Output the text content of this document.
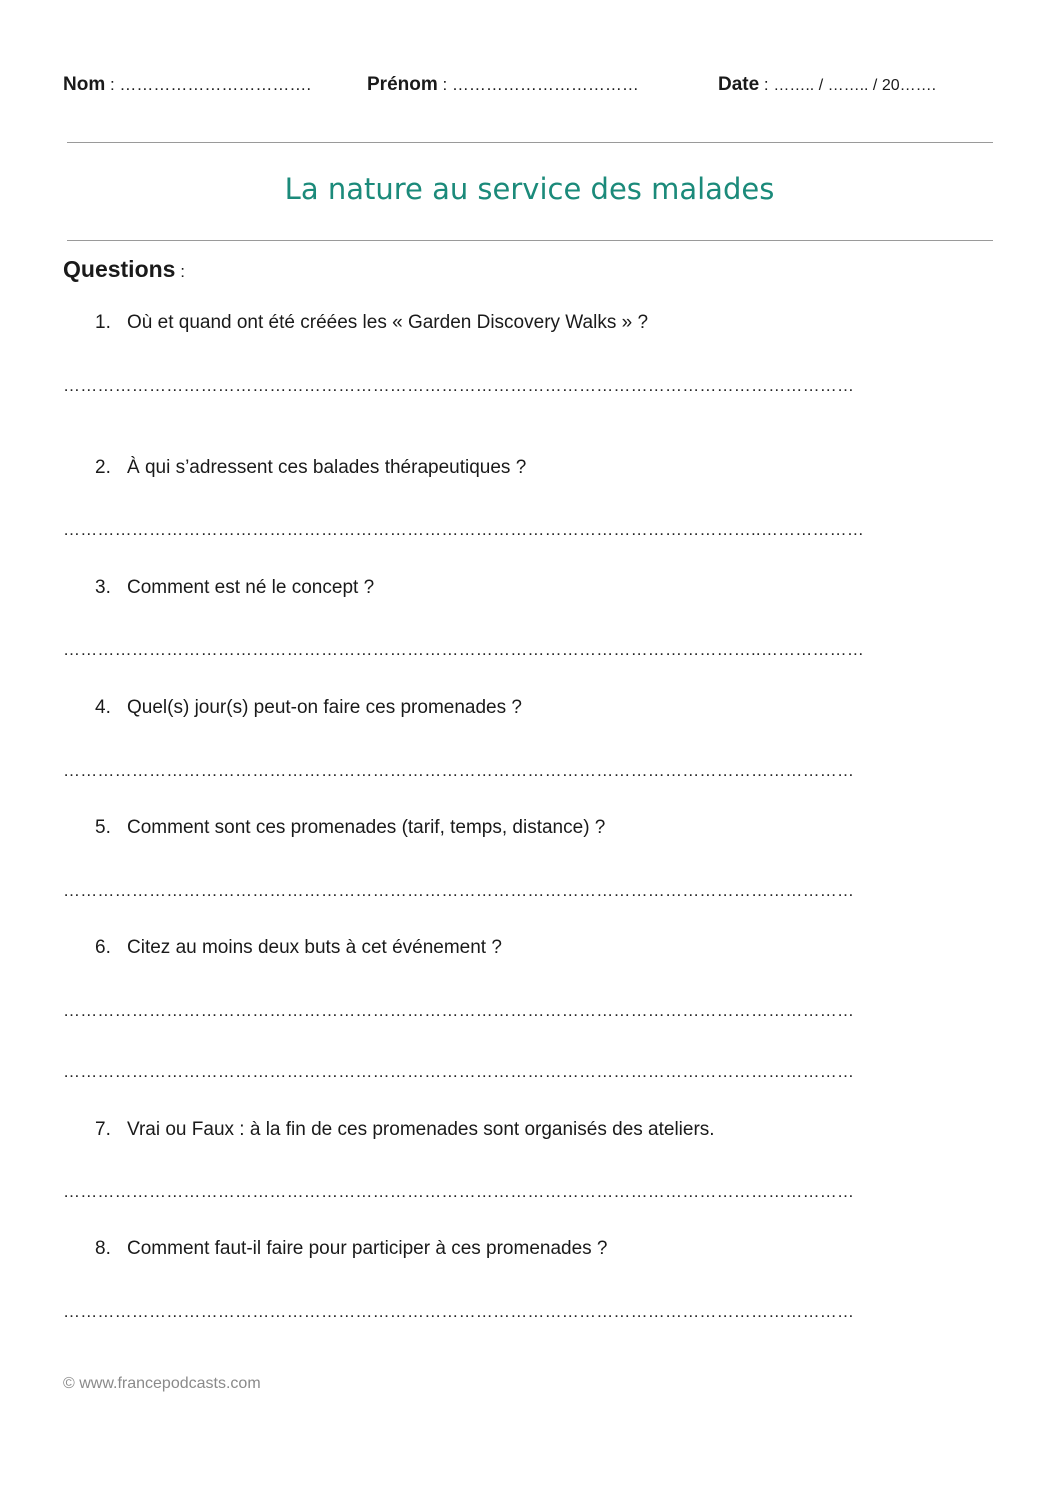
Nom : …………………………….	Prénom : ……………………………	Date : …….. / …….. / 20…….
La nature au service des malades
Questions :
1. Où et quand ont été créées les « Garden Discovery Walks » ?
…………………………………………………………………………………………………………………………
2. À qui s’adressent ces balades thérapeutiques ?
…………………………………………………………………………………………………………..………………
3. Comment est né le concept ?
…………………………………………………………………………………………………………..………………
4. Quel(s) jour(s) peut-on faire ces promenades ?
…………………………………………………………………………………………………………………………
5. Comment sont ces promenades (tarif, temps, distance) ?
…………………………………………………………………………………………………………………………
6. Citez au moins deux buts à cet événement ?
…………………………………………………………………………………………………………………………
…………………………………………………………………………………………………………………………
7. Vrai ou Faux : à la fin de ces promenades sont organisés des ateliers.
…………………………………………………………………………………………………………………………
8. Comment faut-il faire pour participer à ces promenades ?
…………………………………………………………………………………………………………………………
© www.francepodcasts.com
